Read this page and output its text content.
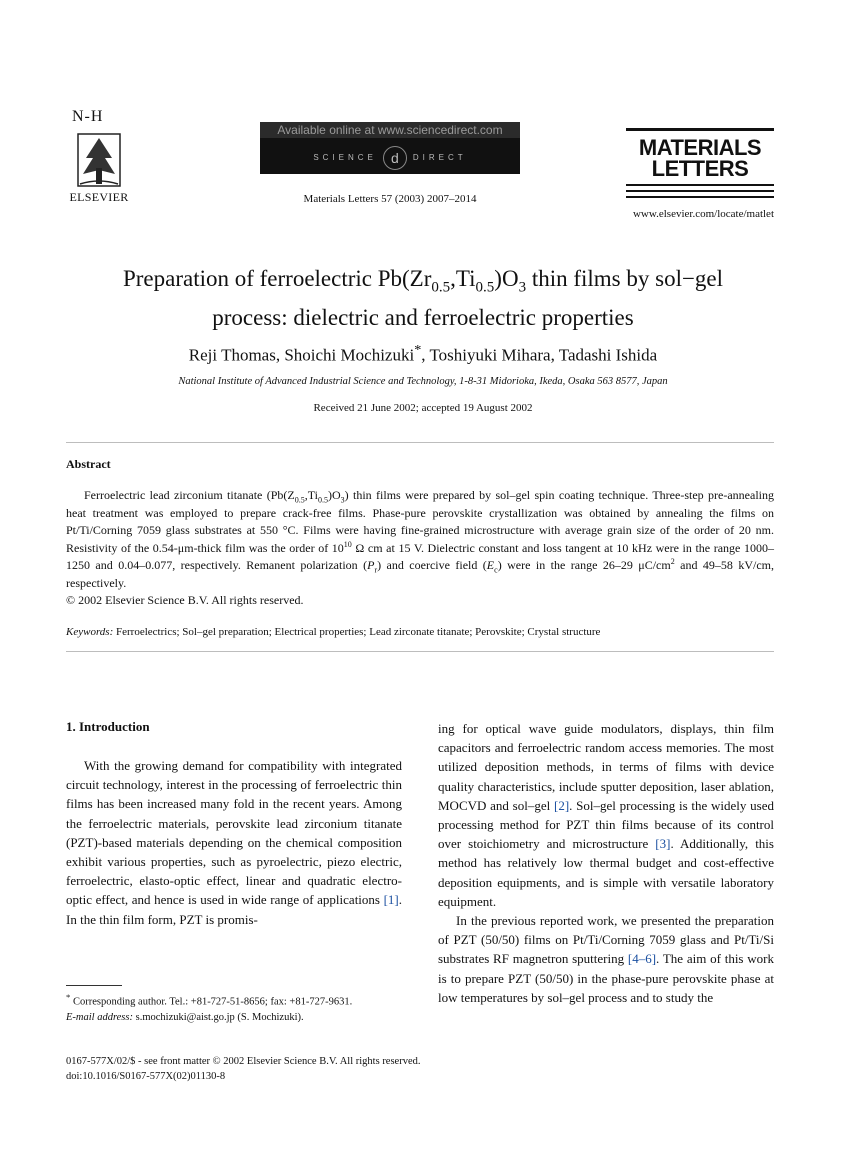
N-H
ELSEVIER
Available online at www.sciencedirect.com
SCIENCE d DIRECT
Materials Letters 57 (2003) 2007–2014
MATERIALS
LETTERS
www.elsevier.com/locate/matlet
Preparation of ferroelectric $Pb(Zr_{0.5},Ti_{0.5})O_3$ thin films by sol−gel
process: dielectric and ferroelectric properties
Reji Thomas, Shoichi Mochizuki*, Toshiyuki Mihara, Tadashi Ishida
National Institute of Advanced Industrial Science and Technology, 1-8-31 Midorioka, Ikeda, Osaka 563 8577, Japan
Received 21 June 2002; accepted 19 August 2002
Abstract

Ferroelectric lead zirconium titanate $(Pb(Z_{0.5},Ti_{0.5})O_3)$ thin films were prepared by sol–gel spin coating technique. Three-step pre-annealing heat treatment was employed to prepare crack-free films. Phase-pure perovskite crystallization was obtained by annealing the films on Pt/Ti/Corning 7059 glass substrates at 550 °C. Films were having fine-grained microstructure with average grain size of the order of 20 nm. Resistivity of the 0.54-μm-thick film was the order of $10^{10}$ Ω cm at 15 V. Dielectric constant and loss tangent at 10 kHz were in the range 1000–1250 and 0.04–0.077, respectively. Remanent polarization $(P_r)$ and coercive field $(E_c)$ were in the range 26–29 $\mu C/cm^2$ and 49–58 kV/cm, respectively.

© 2002 Elsevier Science B.V. All rights reserved.
Keywords: Ferroelectrics; Sol–gel preparation; Electrical properties; Lead zirconate titanate; Perovskite; Crystal structure
1. Introduction

With the growing demand for compatibility with integrated circuit technology, interest in the processing of ferroelectric thin films has been increased many fold in the recent years. Among the ferroelectric materials, perovskite lead zirconium titanate (PZT)-based materials depending on the chemical composition exhibit various properties, such as pyroelectric, piezo electric, ferroelectric, elasto-optic effect, linear and quadratic electro-optic effect, and hence is used in wide range of applications [1]. In the thin film form, PZT is promis-

ing for optical wave guide modulators, displays, thin film capacitors and ferroelectric random access memories. The most utilized deposition methods, in terms of films with device quality characteristics, include sputter deposition, laser ablation, MOCVD and sol–gel [2]. Sol–gel processing is the widely used processing method for PZT thin films because of its control over stoichiometry and microstructure [3]. Additionally, this method has relatively low thermal budget and cost-effective deposition equipments, and is simple with versatile laboratory equipment.

In the previous reported work, we presented the preparation of PZT (50/50) films on Pt/Ti/Corning 7059 glass and Pt/Ti/Si substrates RF magnetron sputtering [4–6]. The aim of this work is to prepare PZT (50/50) in the phase-pure perovskite phase at low temperatures by sol–gel process and to study the

* Corresponding author. Tel.: +81-727-51-8656; fax: +81-727-9631.
E-mail address: s.mochizuki@aist.go.jp (S. Mochizuki).
0167-577X/02/$ - see front matter © 2002 Elsevier Science B.V. All rights reserved.
doi:10.1016/S0167-577X(02)01130-8
